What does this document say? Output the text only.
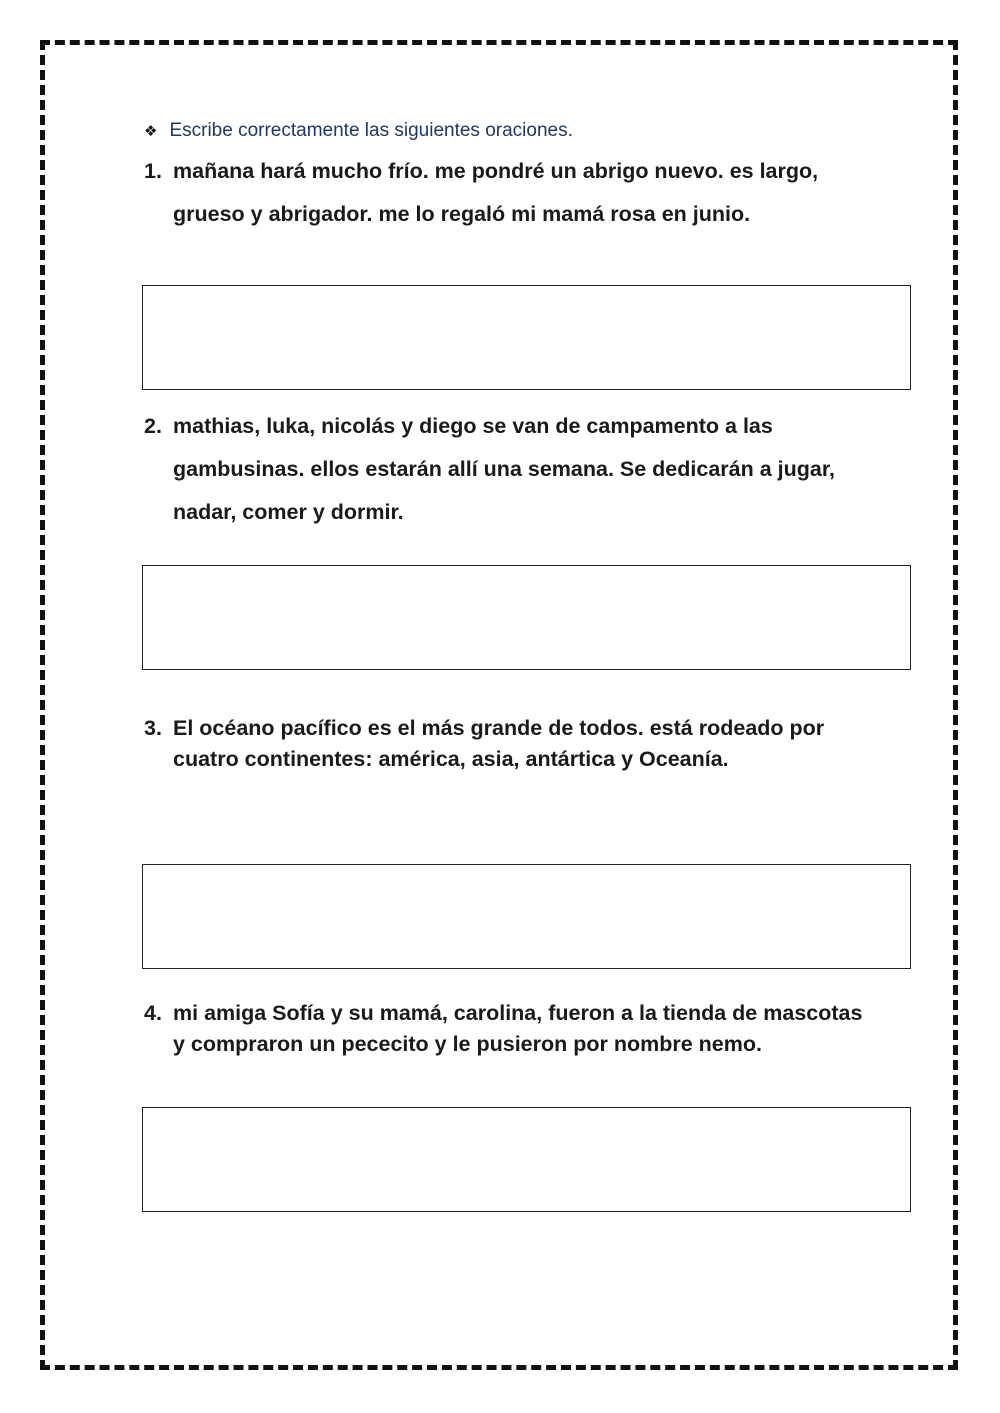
❖ Escribe correctamente las siguientes oraciones.
1. mañana hará mucho frío. me pondré un abrigo nuevo. es largo, grueso y abrigador. me lo regaló mi mamá rosa en junio.
2. mathias, luka, nicolás y diego se van de campamento a las gambusinas. ellos estarán allí una semana. Se dedicarán a jugar, nadar, comer y dormir.
3. El océano pacífico es el más grande de todos. está rodeado por cuatro continentes: américa, asia, antártica y Oceanía.
4. mi amiga Sofía y su mamá, carolina, fueron a la tienda de mascotas y compraron un pececito y le pusieron por nombre nemo.
